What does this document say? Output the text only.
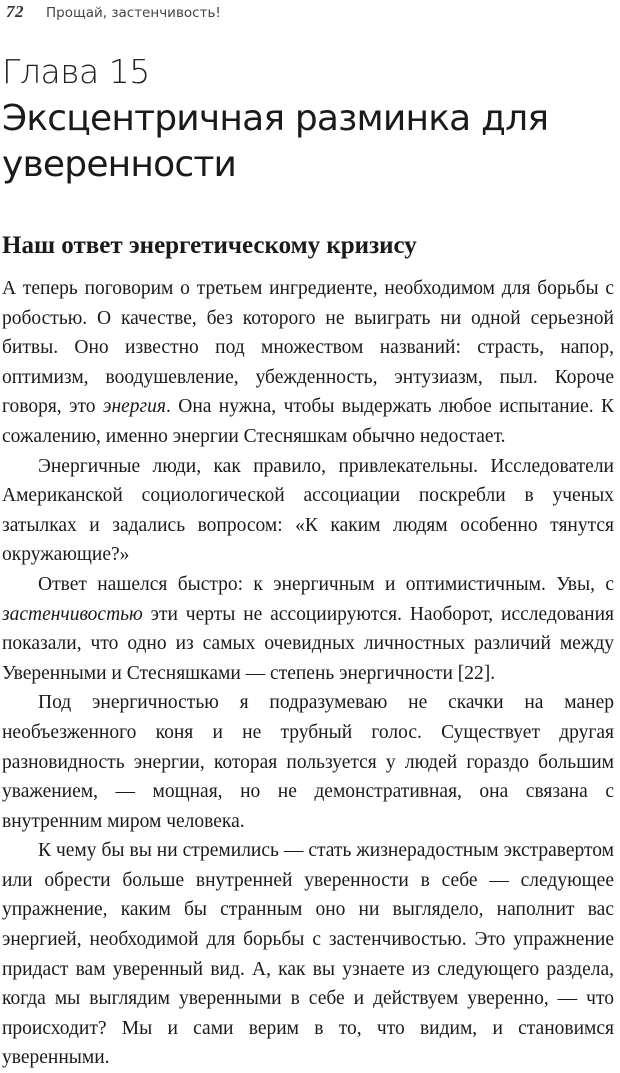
72 Прощай, застенчивость!
Глава 15
Эксцентричная разминка для уверенности
Наш ответ энергетическому кризису

А теперь поговорим о третьем ингредиенте, необходимом для борьбы с робостью. О качестве, без которого не выиграть ни одной серьезной битвы. Оно известно под множеством названий: страсть, напор, оптимизм, воодушевление, убежденность, энтузиазм, пыл. Короче говоря, это энергия. Она нужна, чтобы выдержать любое испытание. К сожалению, именно энергии Стесняшкам обычно недостает.

Энергичные люди, как правило, привлекательны. Исследователи Американской социологической ассоциации поскребли в ученых затылках и задались вопросом: «К каким людям особенно тянутся окружающие?»

Ответ нашелся быстро: к энергичным и оптимистичным. Увы, с застенчивостью эти черты не ассоциируются. Наоборот, исследования показали, что одно из самых очевидных личностных различий между Уверенными и Стесняшками — степень энергичности [22].

Под энергичностью я подразумеваю не скачки на манер необъезженного коня и не трубный голос. Существует другая разновидность энергии, которая пользуется у людей гораздо большим уважением, — мощная, но не демонстративная, она связана с внутренним миром человека.

К чему бы вы ни стремились — стать жизнерадостным экстравертом или обрести больше внутренней уверенности в себе — следующее упражнение, каким бы странным оно ни выглядело, наполнит вас энергией, необходимой для борьбы с застенчивостью. Это упражнение придаст вам уверенный вид. А, как вы узнаете из следующего раздела, когда мы выглядим уверенными в себе и действуем уверенно, — что происходит? Мы и сами верим в то, что видим, и становимся уверенными.
